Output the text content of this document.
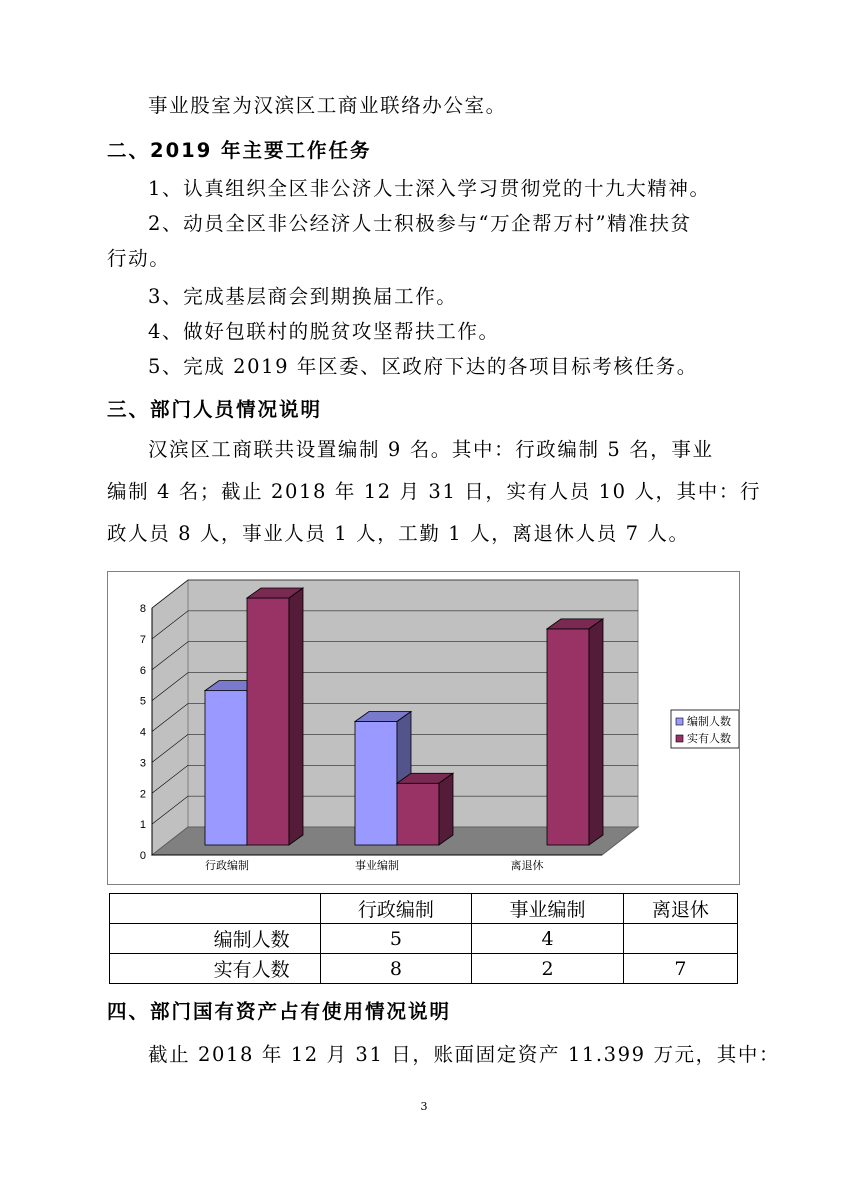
事业股室为汉滨区工商业联络办公室。
二、2019 年主要工作任务
1、认真组织全区非公济人士深入学习贯彻党的十九大精神。
2、动员全区非公经济人士积极参与“万企帮万村”精准扶贫
行动。
3、完成基层商会到期换届工作。
4、做好包联村的脱贫攻坚帮扶工作。
5、完成 2019 年区委、区政府下达的各项目标考核任务。
三、部门人员情况说明
汉滨区工商联共设置编制 9 名。其中：行政编制 5 名，事业
编制 4 名；截止 2018 年 12 月 31 日，实有人员 10 人，其中：行
政人员 8 人，事业人员 1 人，工勤 1 人，离退休人员 7 人。
四、部门国有资产占有使用情况说明
截止 2018 年 12 月 31 日，账面固定资产 11.399 万元，其中：
0
1
2
3
4
5
6
7
8
行政编制	事业编制	离退休
编制人数
实有人数
	行政编制	事业编制	离退休
编制人数	5	4	
实有人数	8	2	7
3
